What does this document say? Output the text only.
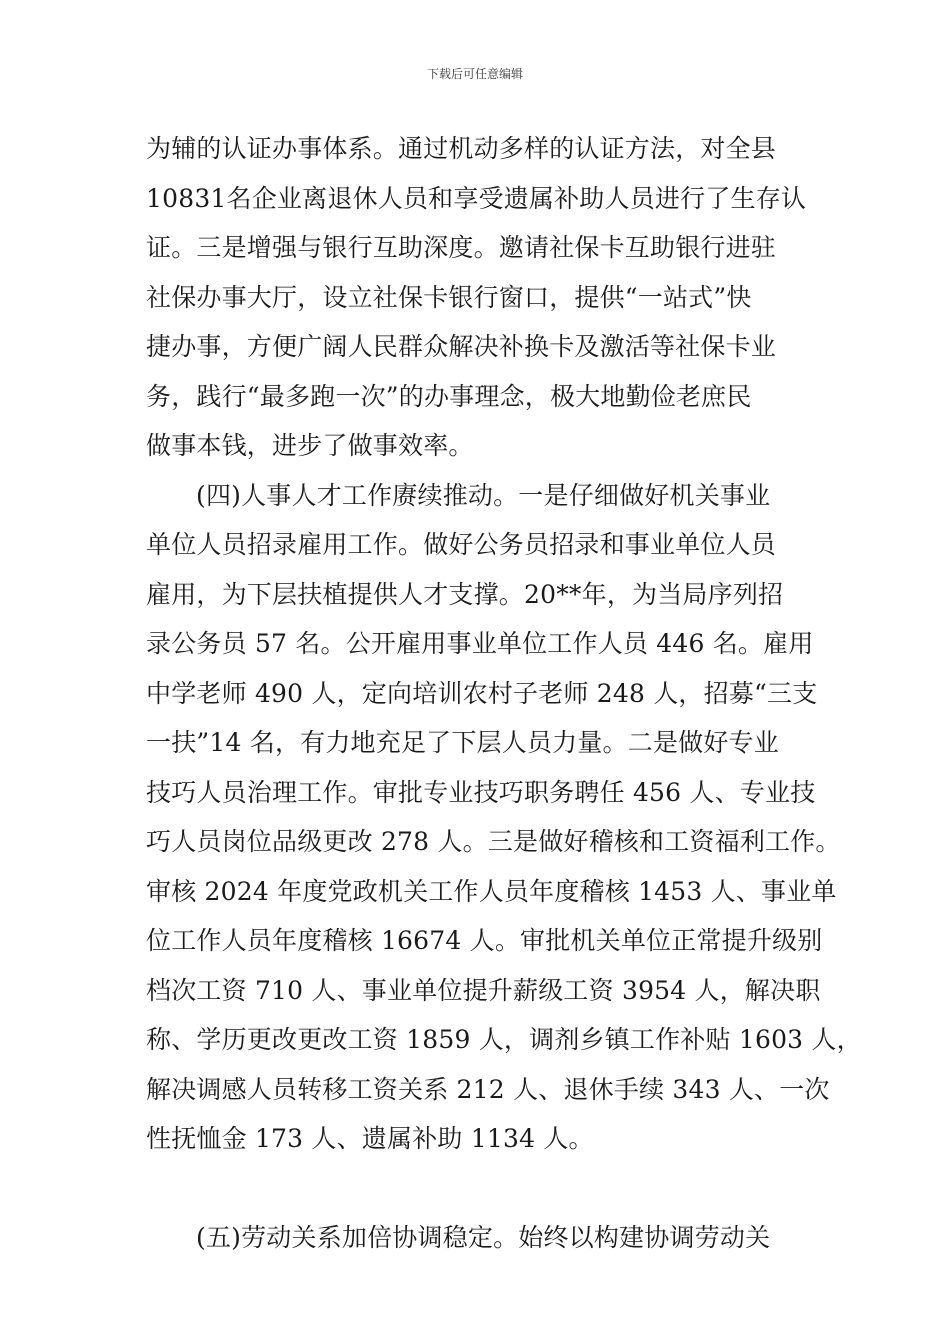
下载后可任意编辑
为辅的认证办事体系。通过机动多样的认证方法，对全县
10831名企业离退休人员和享受遗属补助人员进行了生存认
证。三是增强与银行互助深度。邀请社保卡互助银行进驻
社保办事大厅，设立社保卡银行窗口，提供“一站式”快
捷办事，方便广阔人民群众解决补换卡及激活等社保卡业
务，践行“最多跑一次”的办事理念，极大地勤俭老庶民
做事本钱，进步了做事效率。
(四)人事人才工作赓续推动。一是仔细做好机关事业
单位人员招录雇用工作。做好公务员招录和事业单位人员
雇用，为下层扶植提供人才支撑。20**年，为当局序列招
录公务员 57 名。公开雇用事业单位工作人员 446 名。雇用
中学老师 490 人，定向培训农村子老师 248 人，招募“三支
一扶”14 名，有力地充足了下层人员力量。二是做好专业
技巧人员治理工作。审批专业技巧职务聘任 456 人、专业技
巧人员岗位品级更改 278 人。三是做好稽核和工资福利工作。
审核 2024 年度党政机关工作人员年度稽核 1453 人、事业单
位工作人员年度稽核 16674 人。审批机关单位正常提升级别
档次工资 710 人、事业单位提升薪级工资 3954 人，解决职
称、学历更改更改工资 1859 人，调剂乡镇工作补贴 1603 人，
解决调感人员转移工资关系 212 人、退休手续 343 人、一次
性抚恤金 173 人、遗属补助 1134 人。
(五)劳动关系加倍协调稳定。始终以构建协调劳动关
